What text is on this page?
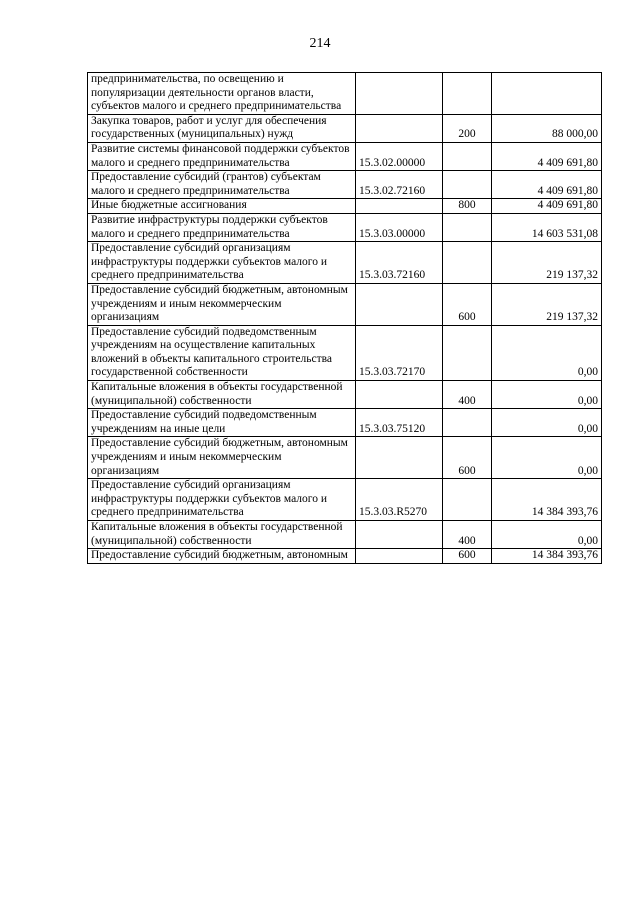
214
предпринимательства, по освещению и популяризации деятельности органов власти, субъектов малого и среднего предпринимательства			
Закупка товаров, работ и услуг для обеспечения государственных (муниципальных) нужд		200	88 000,00
Развитие системы финансовой поддержки субъектов малого и среднего предпринимательства	15.3.02.00000		4 409 691,80
Предоставление субсидий (грантов) субъектам малого и среднего предпринимательства	15.3.02.72160		4 409 691,80
Иные бюджетные ассигнования		800	4 409 691,80
Развитие инфраструктуры поддержки субъектов малого и среднего предпринимательства	15.3.03.00000		14 603 531,08
Предоставление субсидий организациям инфраструктуры поддержки субъектов малого и среднего предпринимательства	15.3.03.72160		219 137,32
Предоставление субсидий бюджетным, автономным учреждениям и иным некоммерческим организациям		600	219 137,32
Предоставление субсидий подведомственным учреждениям на осуществление капитальных вложений в объекты капитального строительства государственной собственности	15.3.03.72170		0,00
Капитальные вложения в объекты государственной (муниципальной) собственности		400	0,00
Предоставление субсидий подведомственным учреждениям на иные цели	15.3.03.75120		0,00
Предоставление субсидий бюджетным, автономным учреждениям и иным некоммерческим организациям		600	0,00
Предоставление субсидий организациям инфраструктуры поддержки субъектов малого и среднего предпринимательства	15.3.03.R5270		14 384 393,76
Капитальные вложения в объекты государственной (муниципальной) собственности		400	0,00
Предоставление субсидий бюджетным, автономным		600	14 384 393,76
